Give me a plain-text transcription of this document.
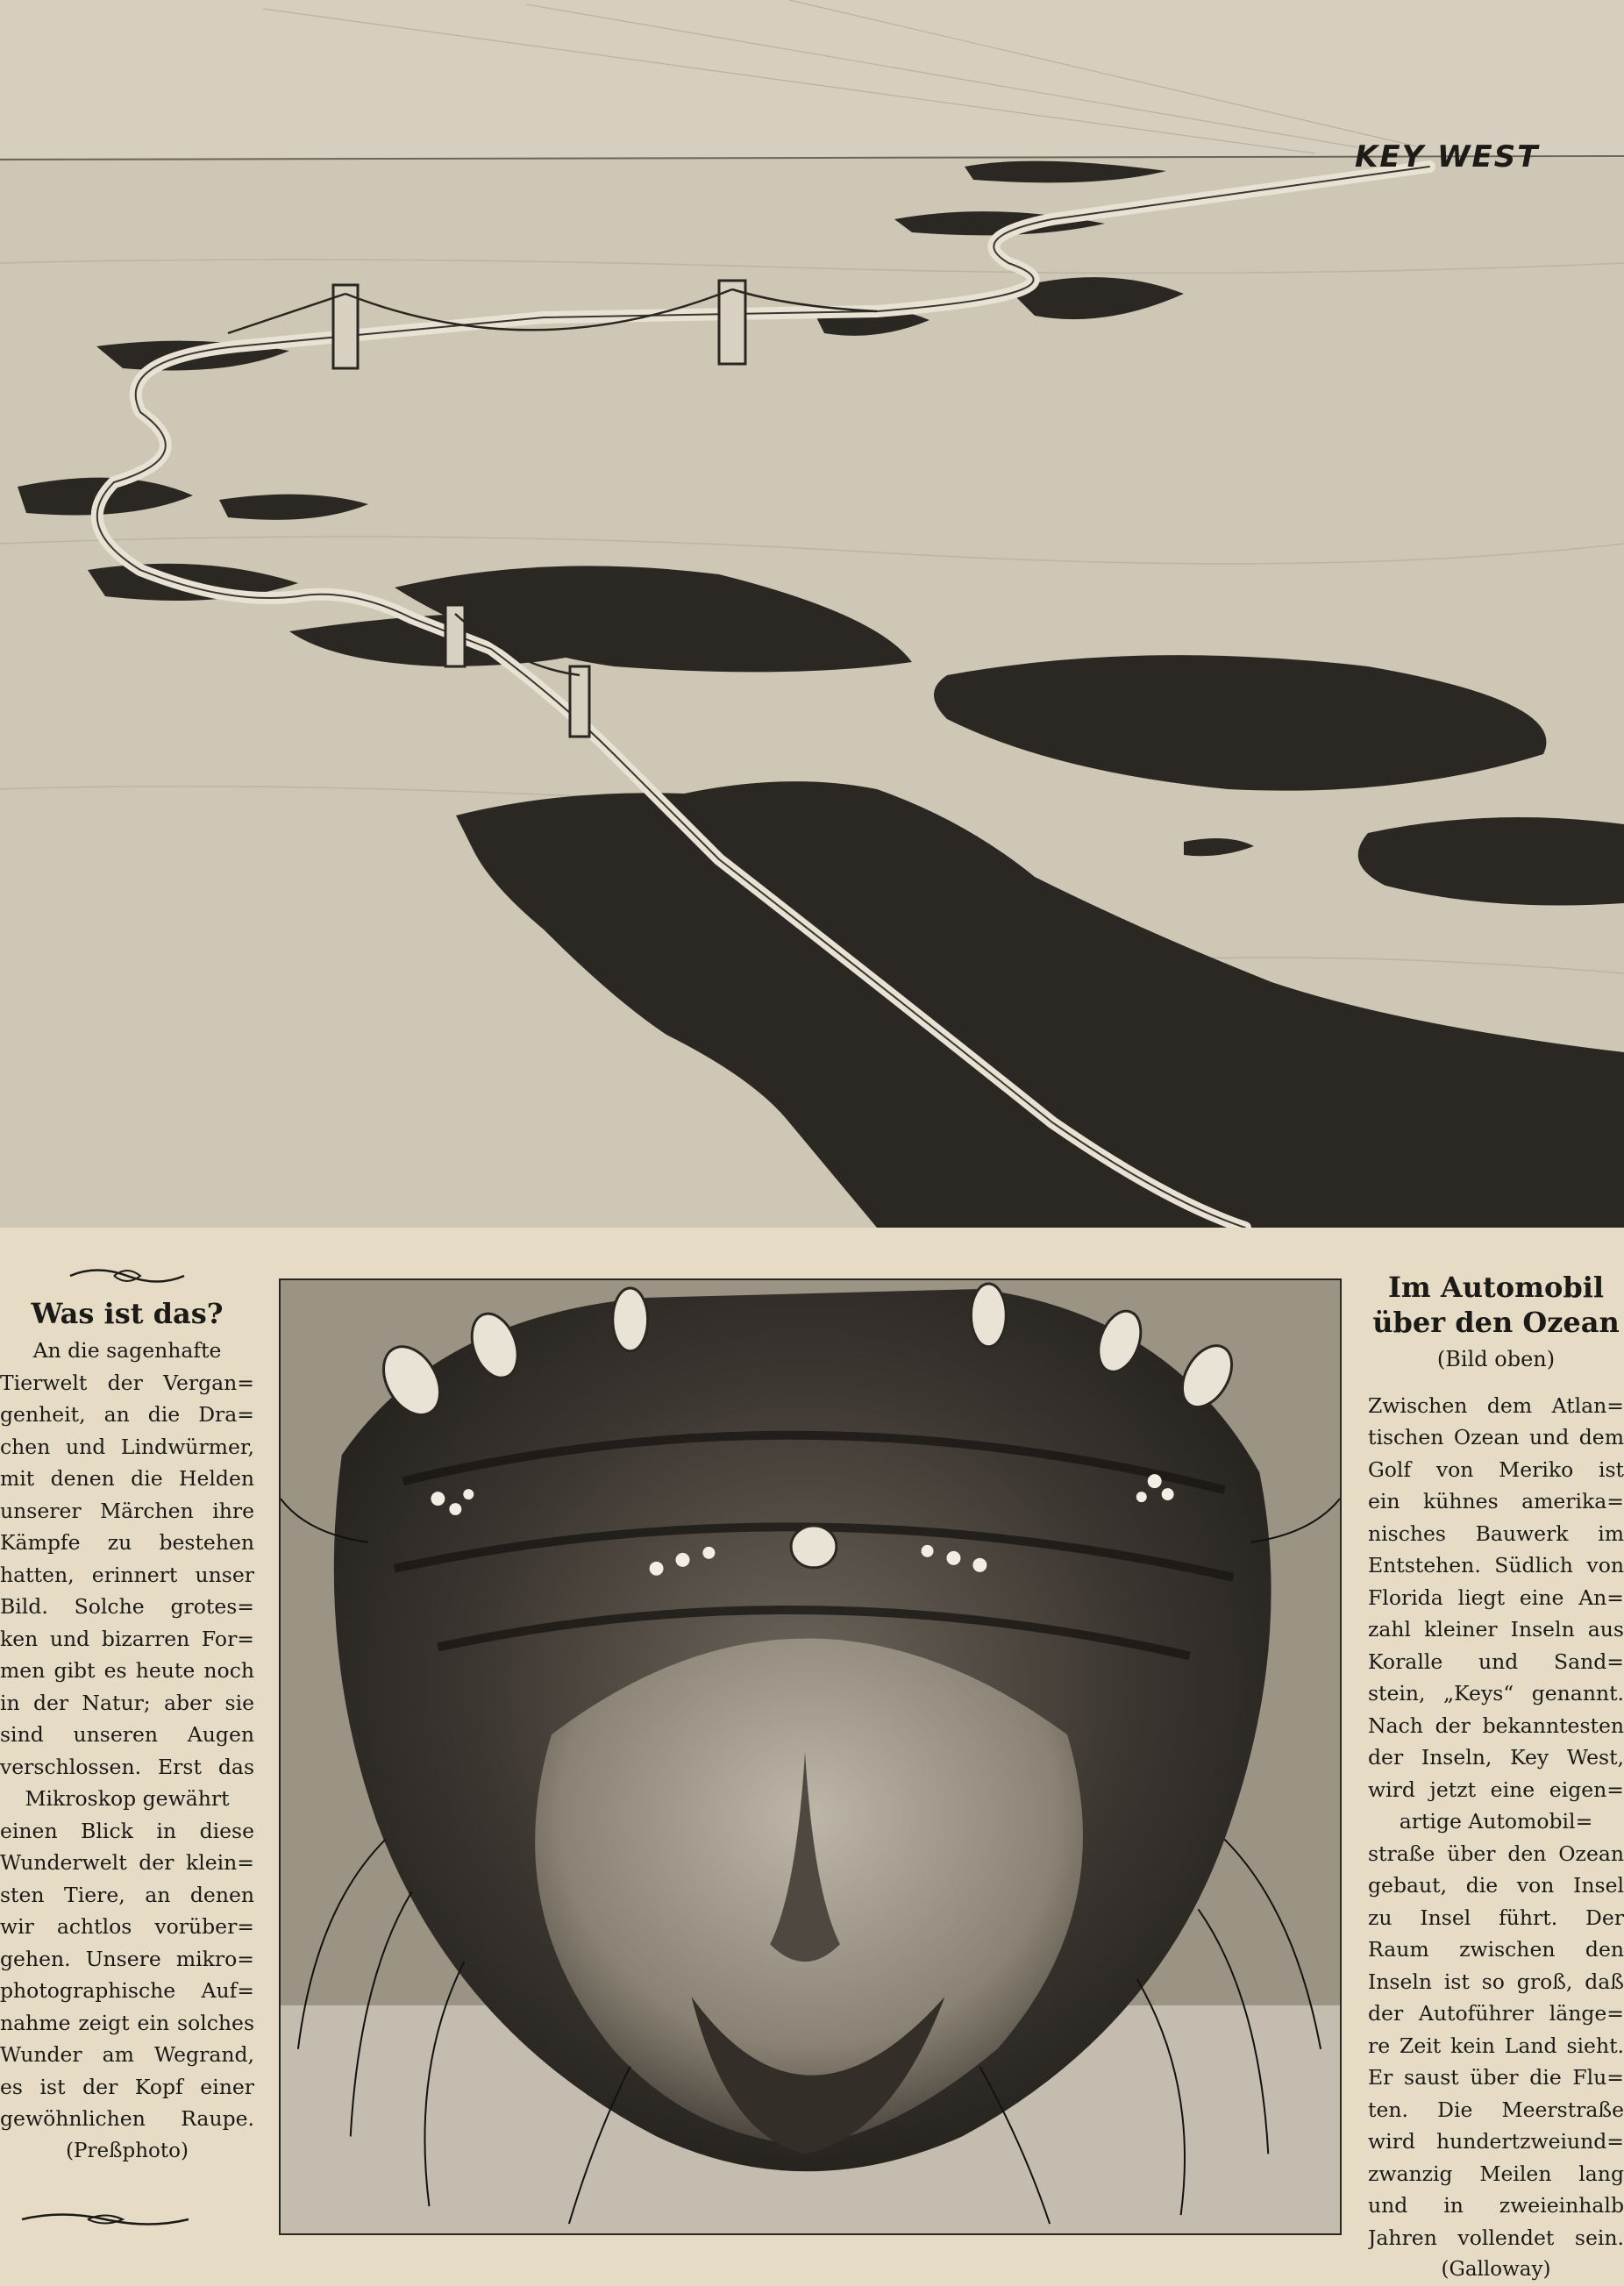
KEY WEST
Was ist das?
An die sagenhafte
Tierwelt der Vergan=
genheit, an die Dra=
chen und Lindwürmer,
mit denen die Helden
unserer Märchen ihre
Kämpfe zu bestehen
hatten, erinnert unser
Bild. Solche grotes=
ken und bizarren For=
men gibt es heute noch
in der Natur; aber sie
sind unseren Augen
verschlossen. Erst das
Mikroskop gewährt
einen Blick in diese
Wunderwelt der klein=
sten Tiere, an denen
wir achtlos vorüber=
gehen. Unsere mikro=
photographische Auf=
nahme zeigt ein solches
Wunder am Wegrand,
es ist der Kopf einer
gewöhnlichen Raupe.
(Preßphoto)
Im Automobil
über den Ozean
(Bild oben)
Zwischen dem Atlan=
tischen Ozean und dem
Golf von Meriko ist
ein kühnes amerika=
nisches Bauwerk im
Entstehen. Südlich von
Florida liegt eine An=
zahl kleiner Inseln aus
Koralle und Sand=
stein, „Keys“ genannt.
Nach der bekanntesten
der Inseln, Key West,
wird jetzt eine eigen=
artige Automobil=
straße über den Ozean
gebaut, die von Insel
zu Insel führt. Der
Raum zwischen den
Inseln ist so groß, daß
der Autoführer länge=
re Zeit kein Land sieht.
Er saust über die Flu=
ten. Die Meerstraße
wird hundertzweiund=
zwanzig Meilen lang
und in zweieinhalb
Jahren vollendet sein.
(Galloway)
